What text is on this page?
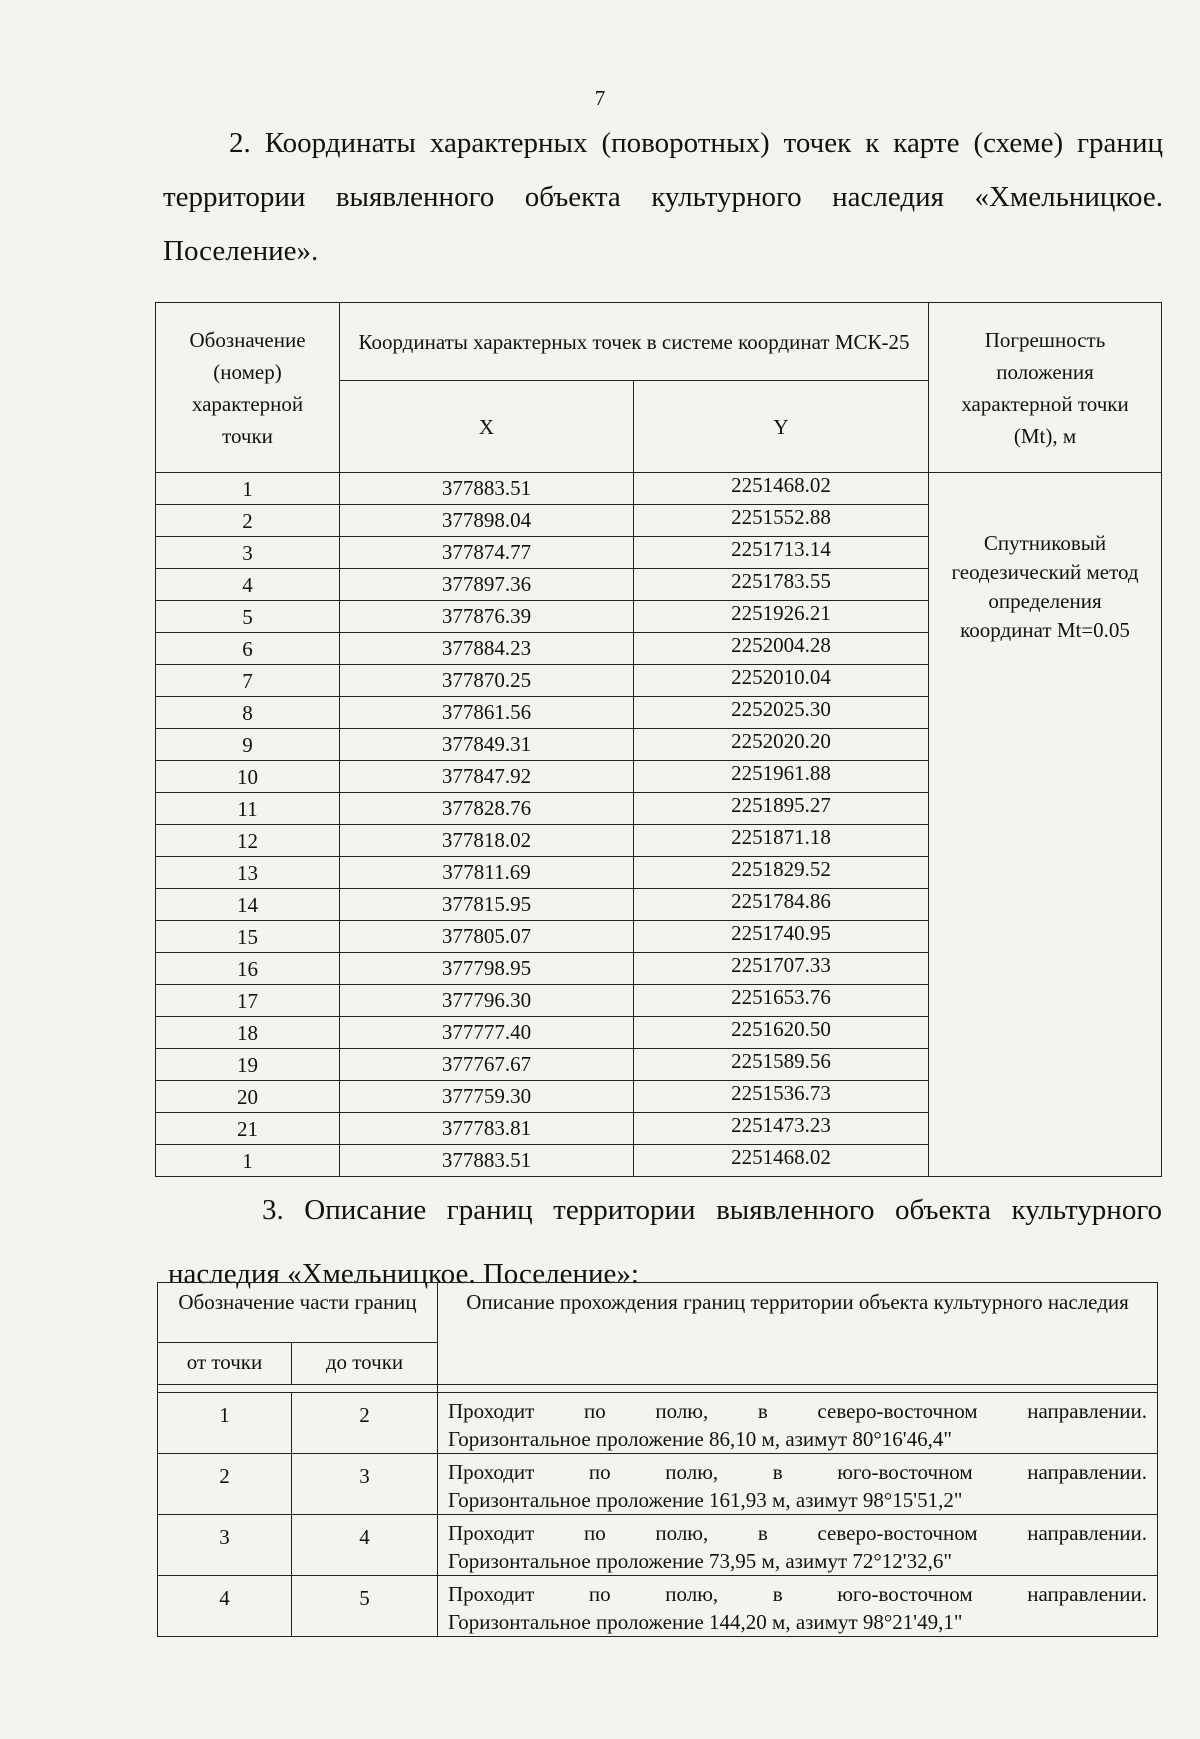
7

2. Координаты характерных (поворотных) точек к карте (схеме) границ территории выявленного объекта культурного наследия «Хмельницкое. Поселение».

Обозначение (номер) характерной точки	Координаты характерных точек в системе координат МСК-25		Погрешность положения характерной точки (Mt), м
	X	Y	
1	377883.51	2251468.02	Спутниковый геодезический метод определения координат Mt=0.05
2	377898.04	2251552.88	
3	377874.77	2251713.14	
4	377897.36	2251783.55	
5	377876.39	2251926.21	
6	377884.23	2252004.28	
7	377870.25	2252010.04	
8	377861.56	2252025.30	
9	377849.31	2252020.20	
10	377847.92	2251961.88	
11	377828.76	2251895.27	
12	377818.02	2251871.18	
13	377811.69	2251829.52	
14	377815.95	2251784.86	
15	377805.07	2251740.95	
16	377798.95	2251707.33	
17	377796.30	2251653.76	
18	377777.40	2251620.50	
19	377767.67	2251589.56	
20	377759.30	2251536.73	
21	377783.81	2251473.23	
1	377883.51	2251468.02	

3. Описание границ территории выявленного объекта культурного наследия «Хмельницкое. Поселение»:

Обозначение части границ		Описание прохождения границ территории объекта культурного наследия
от точки	до точки	

1	2	Проходит по полю, в северо-восточном направлении.
Горизонтальное проложение 86,10 м, азимут 80°16'46,4"

2	3	Проходит по полю, в юго-восточном направлении.
Горизонтальное проложение 161,93 м, азимут 98°15'51,2"

3	4	Проходит по полю, в северо-восточном направлении.
Горизонтальное проложение 73,95 м, азимут 72°12'32,6"

4	5	Проходит по полю, в юго-восточном направлении.
Горизонтальное проложение 144,20 м, азимут 98°21'49,1"
